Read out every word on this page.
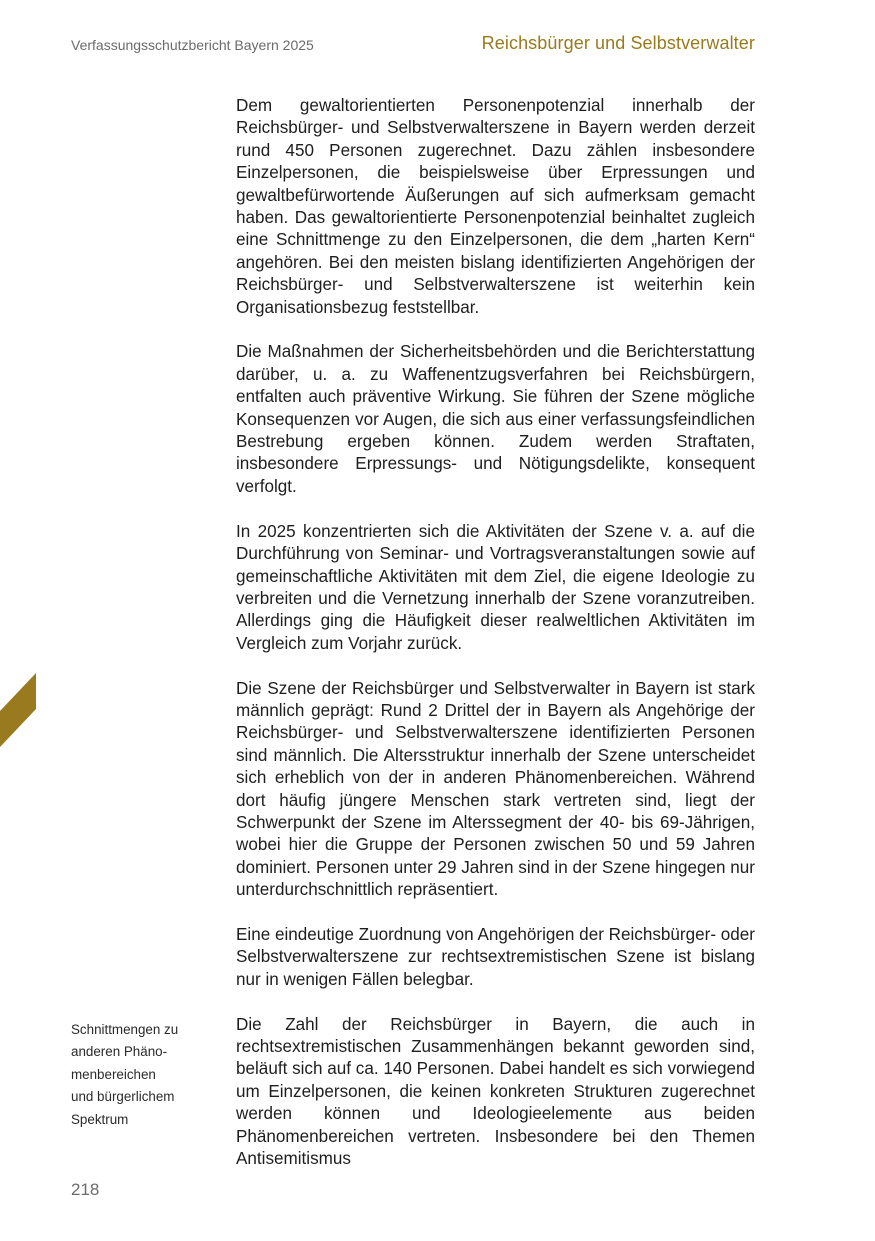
Verfassungsschutzbericht Bayern 2025	Reichsbürger und Selbstverwalter

Dem gewaltorientierten Personenpotenzial innerhalb der Reichsbürger- und Selbstverwalterszene in Bayern werden derzeit rund 450 Personen zugerechnet. Dazu zählen insbesondere Einzelpersonen, die beispielsweise über Erpressungen und gewaltbefürwortende Äußerungen auf sich aufmerksam gemacht haben. Das gewaltorientierte Personenpotenzial beinhaltet zugleich eine Schnittmenge zu den Einzelpersonen, die dem „harten Kern“ angehören. Bei den meisten bislang identifizierten Angehörigen der Reichsbürger- und Selbstverwalterszene ist weiterhin kein Organisationsbezug feststellbar.

Die Maßnahmen der Sicherheitsbehörden und die Berichterstattung darüber, u. a. zu Waffenentzugsverfahren bei Reichsbürgern, entfalten auch präventive Wirkung. Sie führen der Szene mögliche Konsequenzen vor Augen, die sich aus einer verfassungsfeindlichen Bestrebung ergeben können. Zudem werden Straftaten, insbesondere Erpressungs- und Nötigungsdelikte, konsequent verfolgt.

In 2025 konzentrierten sich die Aktivitäten der Szene v. a. auf die Durchführung von Seminar- und Vortragsveranstaltungen sowie auf gemeinschaftliche Aktivitäten mit dem Ziel, die eigene Ideologie zu verbreiten und die Vernetzung innerhalb der Szene voranzutreiben. Allerdings ging die Häufigkeit dieser realweltlichen Aktivitäten im Vergleich zum Vorjahr zurück.

Die Szene der Reichsbürger und Selbstverwalter in Bayern ist stark männlich geprägt: Rund 2 Drittel der in Bayern als Angehörige der Reichsbürger- und Selbstverwalterszene identifizierten Personen sind männlich. Die Altersstruktur innerhalb der Szene unterscheidet sich erheblich von der in anderen Phänomenbereichen. Während dort häufig jüngere Menschen stark vertreten sind, liegt der Schwerpunkt der Szene im Alterssegment der 40- bis 69-Jährigen, wobei hier die Gruppe der Personen zwischen 50 und 59 Jahren dominiert. Personen unter 29 Jahren sind in der Szene hingegen nur unterdurchschnittlich repräsentiert.

Eine eindeutige Zuordnung von Angehörigen der Reichsbürger- oder Selbstverwalterszene zur rechtsextremistischen Szene ist bislang nur in wenigen Fällen belegbar.

Die Zahl der Reichsbürger in Bayern, die auch in rechtsextremistischen Zusammenhängen bekannt geworden sind, beläuft sich auf ca. 140 Personen. Dabei handelt es sich vorwiegend um Einzelpersonen, die keinen konkreten Strukturen zugerechnet werden können und Ideologieelemente aus beiden Phänomenbereichen vertreten. Insbesondere bei den Themen Antisemitismus

Schnittmengen zu
anderen Phäno-
menbereichen
und bürgerlichem
Spektrum
218
